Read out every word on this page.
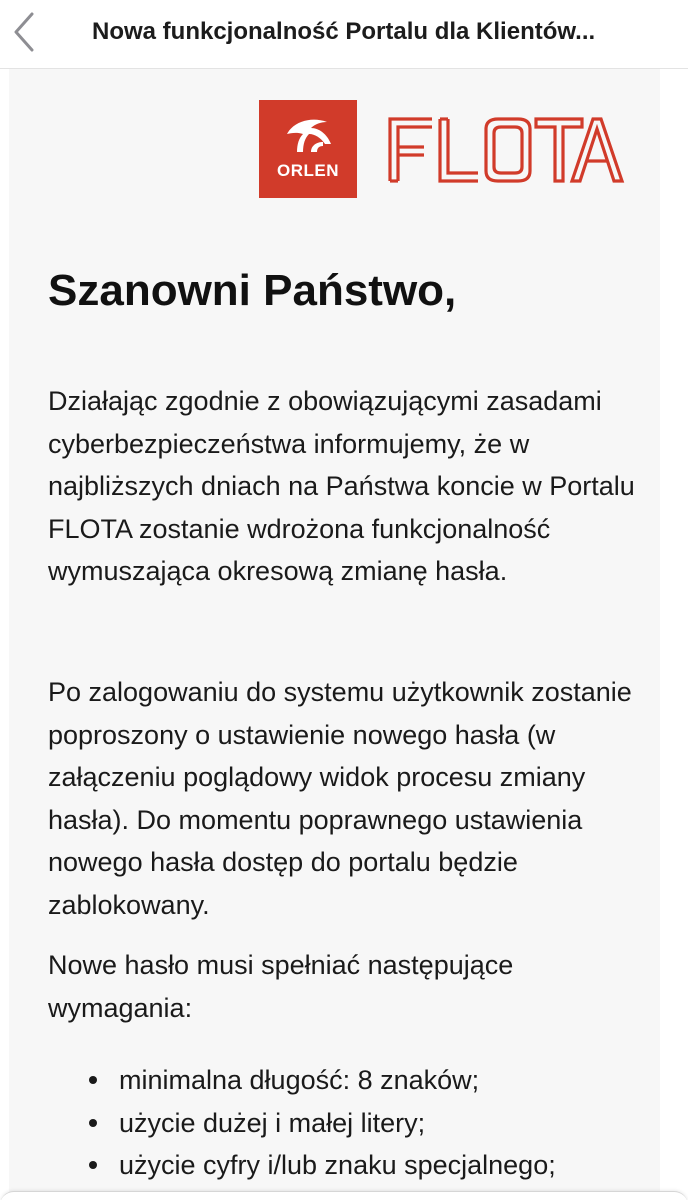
Nowa funkcjonalność Portalu dla Klientów...
ORLEN
Szanowni Państwo,

Działając zgodnie z obowiązującymi zasadami cyberbezpieczeństwa informujemy, że w najbliższych dniach na Państwa koncie w Portalu FLOTA zostanie wdrożona funkcjonalność wymuszająca okresową zmianę hasła.

Po zalogowaniu do systemu użytkownik zostanie poproszony o ustawienie nowego hasła (w załączeniu poglądowy widok procesu zmiany hasła). Do momentu poprawnego ustawienia nowego hasła dostęp do portalu będzie zablokowany.

Nowe hasło musi spełniać następujące wymagania:

minimalna długość: 8 znaków;
użycie dużej i małej litery;
użycie cyfry i/lub znaku specjalnego;
